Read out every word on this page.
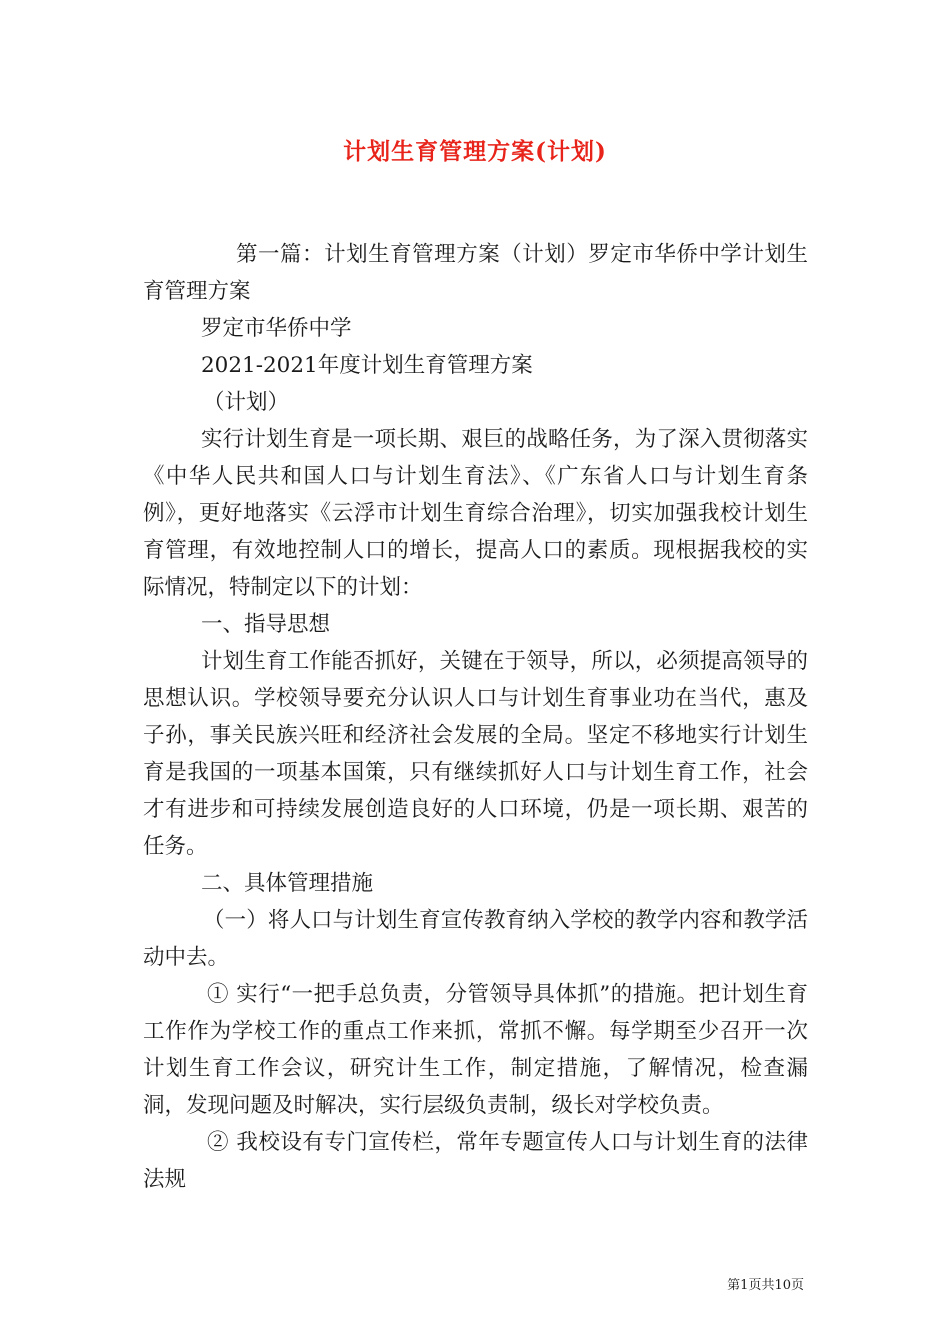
计划生育管理方案(计划)

第一篇：计划生育管理方案（计划）罗定市华侨中学计划生育管理方案

罗定市华侨中学

2021-2021年度计划生育管理方案

（计划）

实行计划生育是一项长期、艰巨的战略任务，为了深入贯彻落实《中华人民共和国人口与计划生育法》、《广东省人口与计划生育条例》，更好地落实《云浮市计划生育综合治理》，切实加强我校计划生育管理，有效地控制人口的增长，提高人口的素质。现根据我校的实际情况，特制定以下的计划：

一、指导思想

计划生育工作能否抓好，关键在于领导，所以，必须提高领导的思想认识。学校领导要充分认识人口与计划生育事业功在当代，惠及子孙，事关民族兴旺和经济社会发展的全局。坚定不移地实行计划生育是我国的一项基本国策，只有继续抓好人口与计划生育工作，社会才有进步和可持续发展创造良好的人口环境，仍是一项长期、艰苦的任务。

二、具体管理措施

（一）将人口与计划生育宣传教育纳入学校的教学内容和教学活动中去。

① 实行“一把手总负责，分管领导具体抓”的措施。把计划生育工作作为学校工作的重点工作来抓，常抓不懈。每学期至少召开一次计划生育工作会议，研究计生工作，制定措施，了解情况，检查漏洞，发现问题及时解决，实行层级负责制，级长对学校负责。

② 我校设有专门宣传栏，常年专题宣传人口与计划生育的法律法规

第1页共10页
